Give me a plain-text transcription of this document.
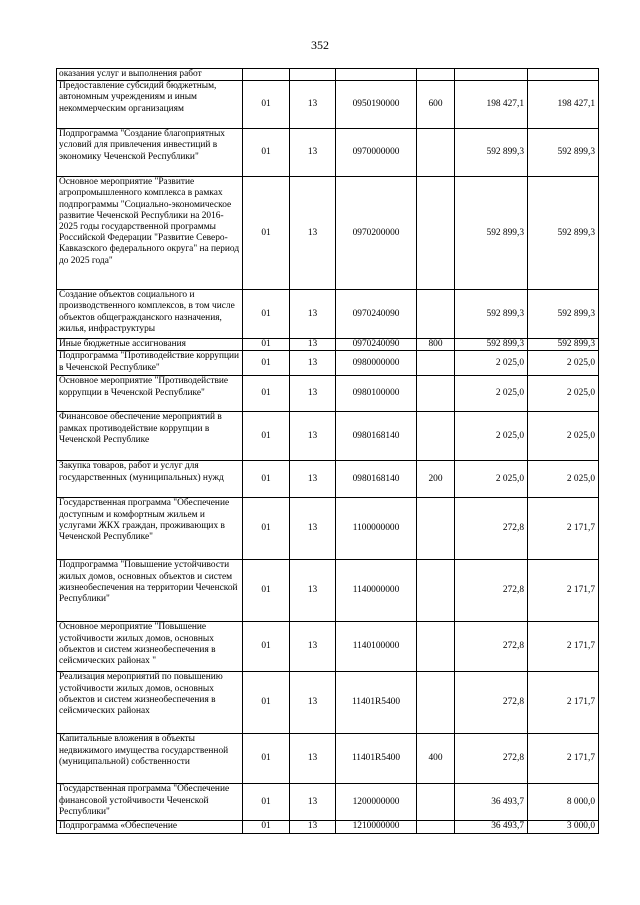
352
оказания услуг и выполнения работ						
Предоставление субсидий бюджетным, автономным учреждениям и иным некоммерческим организациям	01	13	0950190000	600	198 427,1	198 427,1
Подпрограмма "Создание благоприятных условий для привлечения инвестиций в экономику Чеченской Республики"	01	13	0970000000		592 899,3	592 899,3
Основное мероприятие "Развитие агропромышленного комплекса в рамках подпрограммы "Социально-экономическое развитие Чеченской Республики на 2016-2025 годы государственной программы Российской Федерации "Развитие Северо-Кавказского федерального округа" на период до 2025 года"	01	13	0970200000		592 899,3	592 899,3
Создание объектов социального и производственного комплексов, в том числе объектов общегражданского назначения, жилья, инфраструктуры	01	13	0970240090		592 899,3	592 899,3
Иные бюджетные ассигнования	01	13	0970240090	800	592 899,3	592 899,3
Подпрограмма "Противодействие коррупции в Чеченской Республике"	01	13	0980000000		2 025,0	2 025,0
Основное мероприятие "Противодействие коррупции в Чеченской Республике"	01	13	0980100000		2 025,0	2 025,0
Финансовое обеспечение мероприятий в рамках противодействие коррупции в Чеченской Республике	01	13	0980168140		2 025,0	2 025,0
Закупка товаров, работ и услуг для государственных (муниципальных) нужд	01	13	0980168140	200	2 025,0	2 025,0
Государственная программа "Обеспечение доступным и комфортным жильем и услугами ЖКХ граждан, проживающих в Чеченской Республике"	01	13	1100000000		272,8	2 171,7
Подпрограмма "Повышение устойчивости жилых домов, основных объектов и систем жизнеобеспечения на территории Чеченской Республики"	01	13	1140000000		272,8	2 171,7
Основное мероприятие "Повышение устойчивости жилых домов, основных объектов и систем жизнеобеспечения в сейсмических районах "	01	13	1140100000		272,8	2 171,7
Реализация мероприятий по повышению устойчивости жилых домов, основных объектов и систем жизнеобеспечения в сейсмических районах	01	13	11401R5400		272,8	2 171,7
Капитальные вложения в объекты недвижимого имущества государственной (муниципальной) собственности	01	13	11401R5400	400	272,8	2 171,7
Государственная программа "Обеспечение финансовой устойчивости Чеченской Республики"	01	13	1200000000		36 493,7	8 000,0
Подпрограмма «Обеспечение	01	13	1210000000		36 493,7	3 000,0
